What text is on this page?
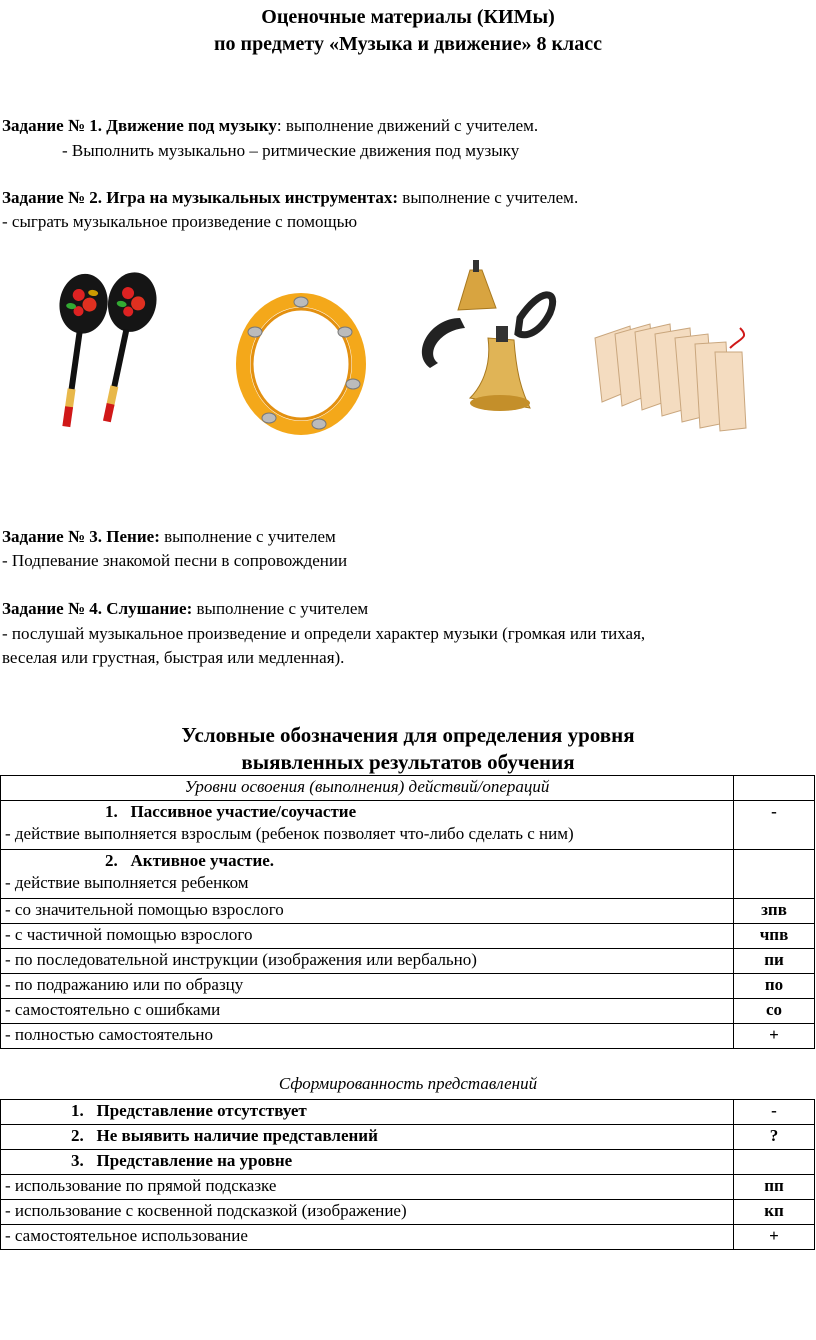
Оценочные материалы (КИМы)
по предмету «Музыка и движение» 8 класс
Задание № 1. Движение под музыку: выполнение движений с учителем.
- Выполнить музыкально – ритмические движения под музыку
Задание № 2. Игра на музыкальных инструментах: выполнение с учителем.
- сыграть музыкальное произведение с помощью
Задание № 3. Пение: выполнение с учителем
- Подпевание знакомой песни в сопровождении
Задание № 4. Слушание: выполнение с учителем
- послушай музыкальное произведение и определи характер музыки (громкая или тихая,
веселая или грустная, быстрая или медленная).
Условные обозначения для определения уровня
выявленных результатов обучения
Уровни освоения (выполнения) действий/операций	

1. Пассивное участие/соучастие
- действие выполняется взрослым (ребенок позволяет что-либо сделать с ним)	-

2. Активное участие.
- действие выполняется ребенком	

- со значительной помощью взрослого	зпв
- с частичной помощью взрослого	чпв
- по последовательной инструкции (изображения или вербально)	пи
- по подражанию или по образцу	по
- самостоятельно с ошибками	со
- полностью самостоятельно	+
Сформированность представлений
1. Представление отсутствует	-
2. Не выявить наличие представлений	?
3. Представление на уровне	
- использование по прямой подсказке	пп
- использование с косвенной подсказкой (изображение)	кп
- самостоятельное использование	+
